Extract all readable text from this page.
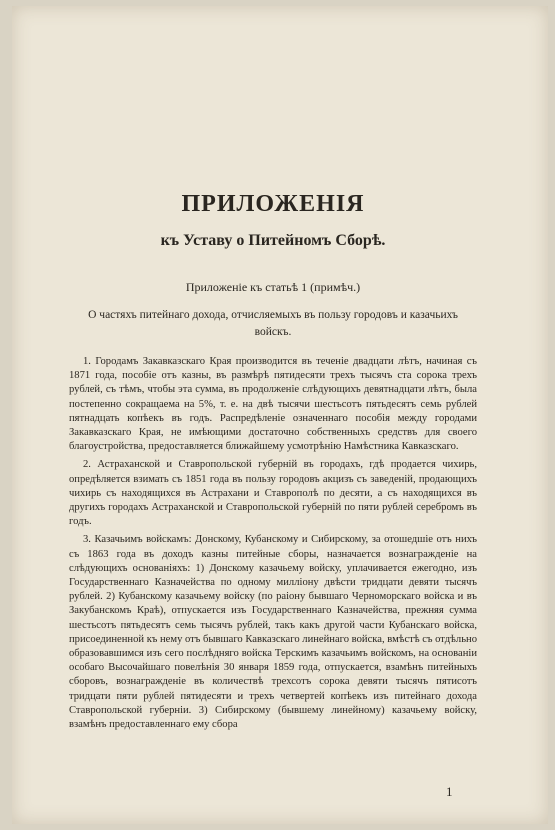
ПРИЛОЖЕНІЯ
къ Уставу о Питейномъ Сборѣ.
Приложеніе къ статьѣ 1 (примѣч.)
О частяхъ питейнаго дохода, отчисляемыхъ въ пользу городовъ и казачьихъ войскъ.

1. Городамъ Закавказскаго Края производится въ теченіе двадцати лѣтъ, начиная съ 1871 года, пособіе отъ казны, въ размѣрѣ пятидесяти трехъ тысячъ ста сорока трехъ рублей, съ тѣмъ, чтобы эта сумма, въ продолженіе слѣдующихъ девятнадцати лѣтъ, была постепенно сокращаема на 5%, т. е. на двѣ тысячи шестьсотъ пятьдесятъ семь рублей пятнадцать копѣекъ въ годъ. Распредѣленіе означеннаго пособія между городами Закавказскаго Края, не имѣющими достаточно собственныхъ средствъ для своего благоустройства, предоставляется ближайшему усмотрѣнію Намѣстника Кавказскаго.

2. Астраханской и Ставропольской губерній въ городахъ, гдѣ продается чихирь, опредѣляется взимать съ 1851 года въ пользу городовъ акцизъ съ заведеній, продающихъ чихирь съ находящихся въ Астрахани и Ставрополѣ по десяти, а съ находящихся въ другихъ городахъ Астраханской и Ставропольской губерній по пяти рублей серебромъ въ годъ.

3. Казачьимъ войскамъ: Донскому, Кубанскому и Сибирскому, за отошедшіе отъ нихъ съ 1863 года въ доходъ казны питейные сборы, назначается вознагражденіе на слѣдующихъ основаніяхъ: 1) Донскому казачьему войску, уплачивается ежегодно, изъ Государственнаго Казначейства по одному милліону двѣсти тридцати девяти тысячъ рублей. 2) Кубанскому казачьему войску (по раіону бывшаго Черноморскаго войска и въ Закубанскомъ Краѣ), отпускается изъ Государственнаго Казначейства, прежняя сумма шестьсотъ пятьдесятъ семь тысячъ рублей, такъ какъ другой части Кубанскаго войска, присоединенной къ нему отъ бывшаго Кавказскаго линейнаго войска, вмѣстѣ съ отдѣльно образовавшимся изъ сего послѣдняго войска Терскимъ казачьимъ войскомъ, на основаніи особаго Высочайшаго повелѣнія 30 января 1859 года, отпускается, взамѣнъ питейныхъ сборовъ, вознагражденіе въ количествѣ трехсотъ сорока девяти тысячъ пятисотъ тридцати пяти рублей пятидесяти и трехъ четвертей копѣекъ изъ питейнаго дохода Ставропольской губерніи. 3) Сибирскому (бывшему линейному) казачьему войску, взамѣнъ предоставленнаго ему сбора

1
